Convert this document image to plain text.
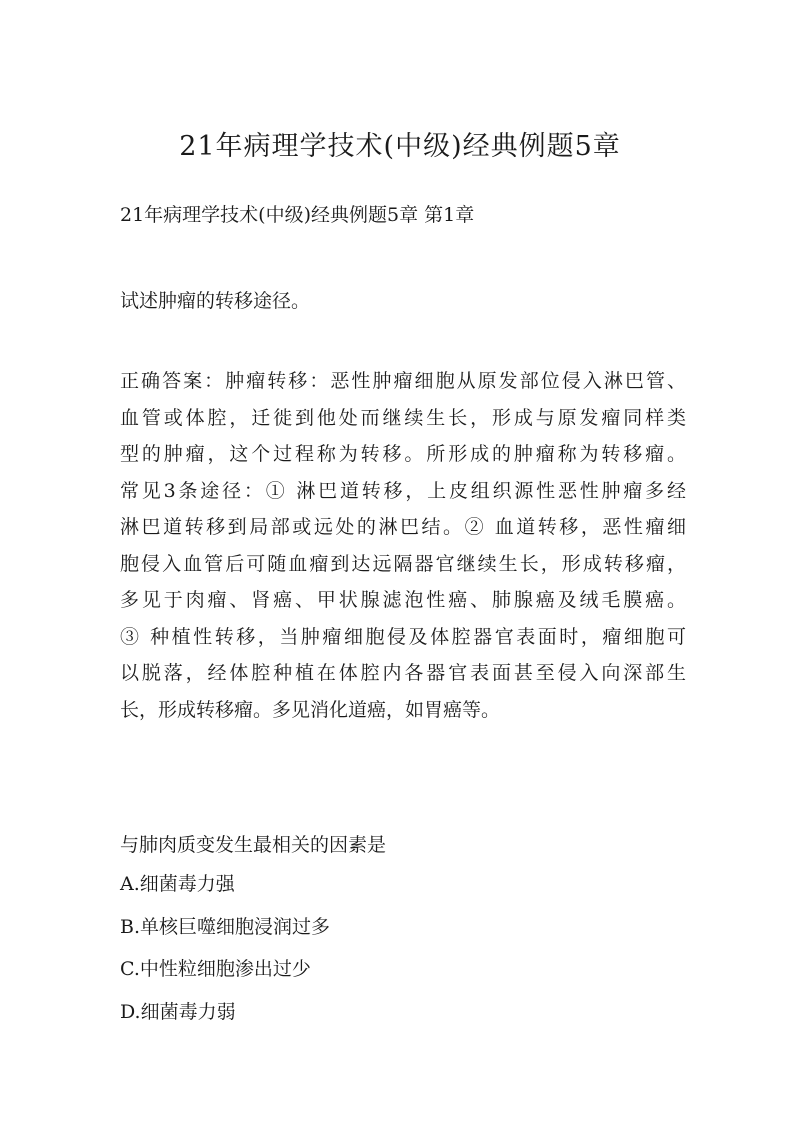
21年病理学技术(中级)经典例题5章

21年病理学技术(中级)经典例题5章 第1章

试述肿瘤的转移途径。

正确答案：肿瘤转移：恶性肿瘤细胞从原发部位侵入淋巴管、
血管或体腔，迁徙到他处而继续生长，形成与原发瘤同样类
型的肿瘤，这个过程称为转移。所形成的肿瘤称为转移瘤。
常见3条途径：① 淋巴道转移，上皮组织源性恶性肿瘤多经
淋巴道转移到局部或远处的淋巴结。② 血道转移，恶性瘤细
胞侵入血管后可随血瘤到达远隔器官继续生长，形成转移瘤，
多见于肉瘤、肾癌、甲状腺滤泡性癌、肺腺癌及绒毛膜癌。
③ 种植性转移，当肿瘤细胞侵及体腔器官表面时，瘤细胞可
以脱落，经体腔种植在体腔内各器官表面甚至侵入向深部生
长，形成转移瘤。多见消化道癌，如胃癌等。

与肺肉质变发生最相关的因素是

A.细菌毒力强
B.单核巨噬细胞浸润过多
C.中性粒细胞渗出过少
D.细菌毒力弱
